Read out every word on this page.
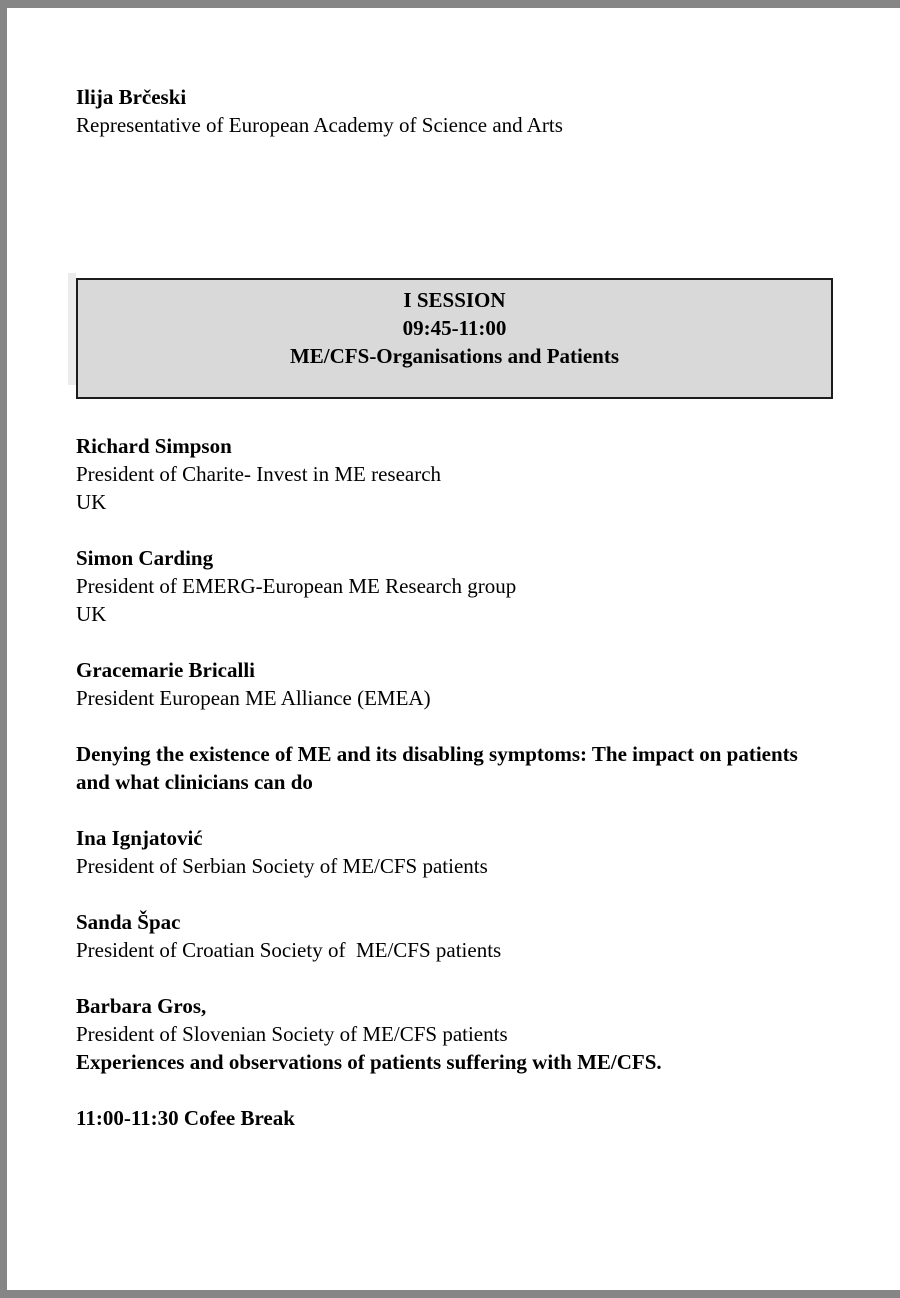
Ilija Brčeski

Representative of European Academy of Science and Arts

I SESSION

09:45-11:00

ME/CFS-Organisations and Patients

Richard Simpson

President of Charite- Invest in ME research

UK

Simon Carding

President of EMERG-European ME Research group

UK

Gracemarie Bricalli

President European ME Alliance (EMEA)

Denying the existence of ME and its disabling symptoms: The impact on patients and what clinicians can do

Ina Ignjatović

President of Serbian Society of ME/CFS patients

Sanda Špac

President of Croatian Society of  ME/CFS patients

Barbara Gros,

President of Slovenian Society of ME/CFS patients

Experiences and observations of patients suffering with ME/CFS.

11:00-11:30 Cofee Break
